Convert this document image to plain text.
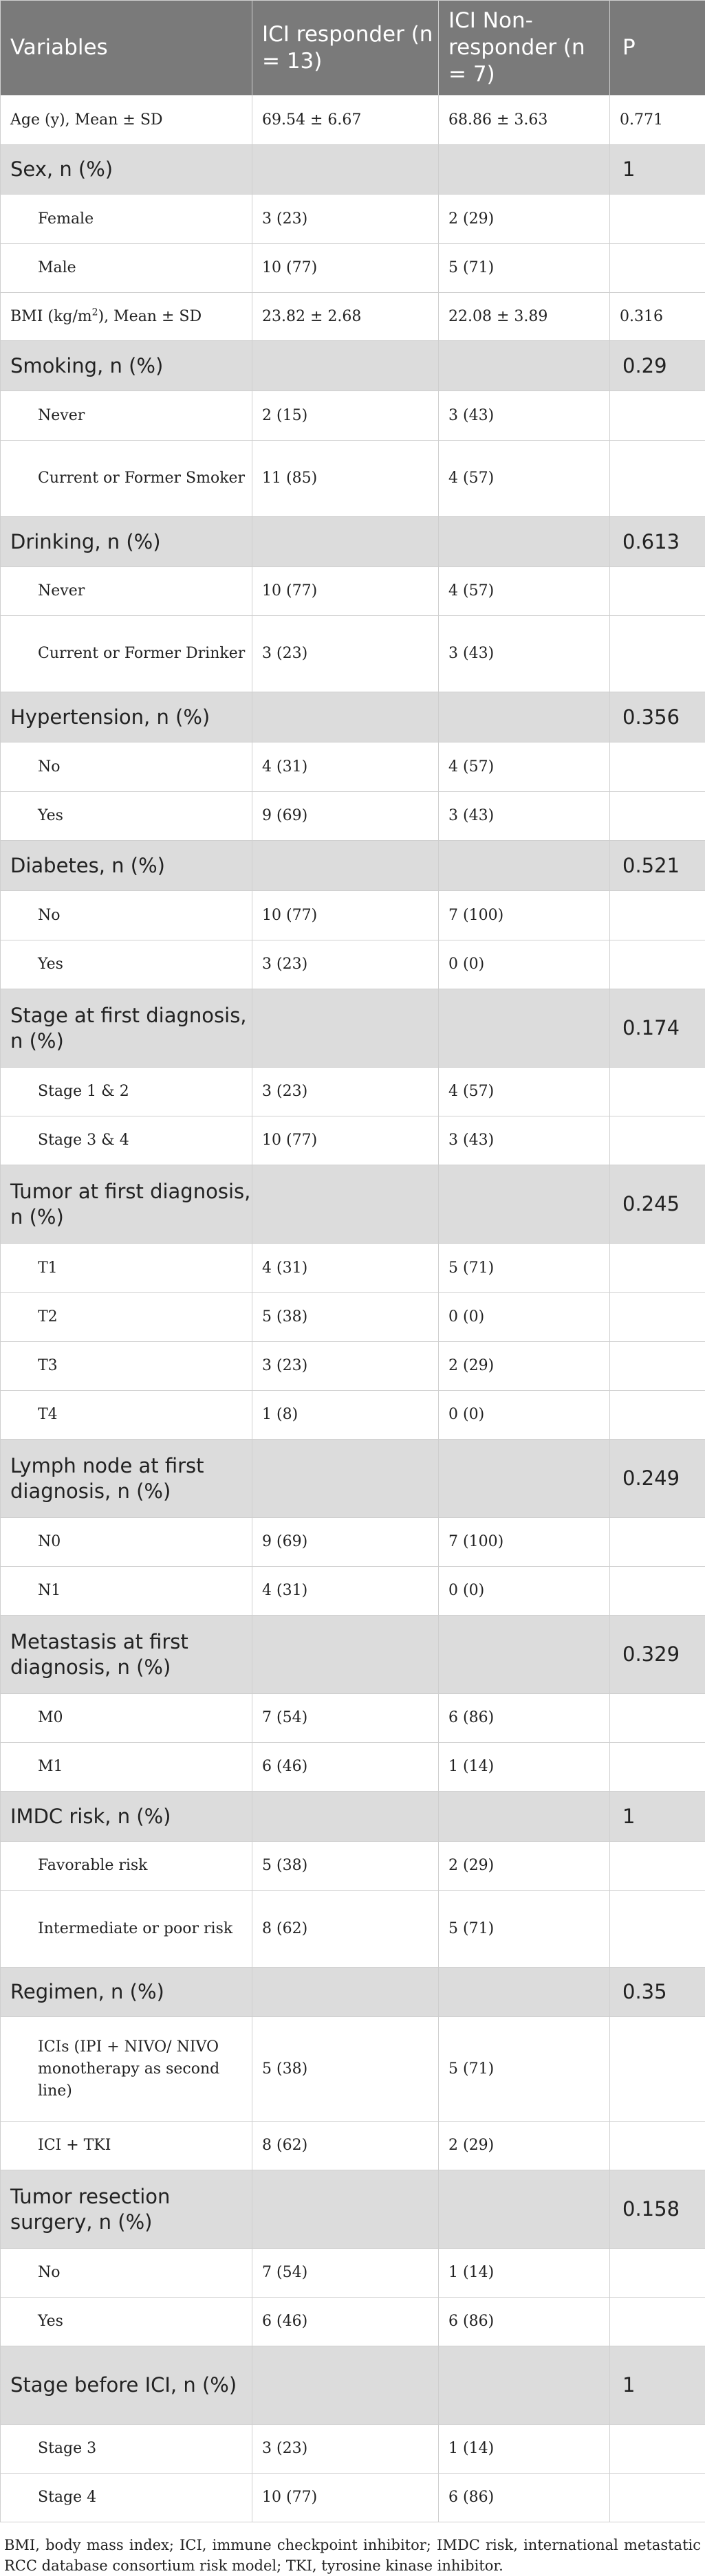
Variables	ICI responder (n = 13)	ICI Non-responder (n = 7)	P
Age (y), Mean ± SD	69.54 ± 6.67	68.86 ± 3.63	0.771
Sex, n (%)			1
Female	3 (23)	2 (29)	
Male	10 (77)	5 (71)	
BMI $(kg/m^2)$, Mean ± SD	23.82 ± 2.68	22.08 ± 3.89	0.316
Smoking, n (%)			0.29
Never	2 (15)	3 (43)	
Current or Former Smoker	11 (85)	4 (57)	
Drinking, n (%)			0.613
Never	10 (77)	4 (57)	
Current or Former Drinker	3 (23)	3 (43)	
Hypertension, n (%)			0.356
No	4 (31)	4 (57)	
Yes	9 (69)	3 (43)	
Diabetes, n (%)			0.521
No	10 (77)	7 (100)	
Yes	3 (23)	0 (0)	
Stage at first diagnosis, n (%)			0.174
Stage 1 & 2	3 (23)	4 (57)	
Stage 3 & 4	10 (77)	3 (43)	
Tumor at first diagnosis, n (%)			0.245
T1	4 (31)	5 (71)	
T2	5 (38)	0 (0)	
T3	3 (23)	2 (29)	
T4	1 (8)	0 (0)	
Lymph node at first diagnosis, n (%)			0.249
N0	9 (69)	7 (100)	
N1	4 (31)	0 (0)	
Metastasis at first diagnosis, n (%)			0.329
M0	7 (54)	6 (86)	
M1	6 (46)	1 (14)	
IMDC risk, n (%)			1
Favorable risk	5 (38)	2 (29)	
Intermediate or poor risk	8 (62)	5 (71)	
Regimen, n (%)			0.35
ICIs (IPI + NIVO/ NIVO monotherapy as second line)	5 (38)	5 (71)	
ICI + TKI	8 (62)	2 (29)	
Tumor resection surgery, n (%)			0.158
No	7 (54)	1 (14)	
Yes	6 (46)	6 (86)	
Stage before ICI, n (%)			1
Stage 3	3 (23)	1 (14)	
Stage 4	10 (77)	6 (86)	
BMI, body mass index; ICI, immune checkpoint inhibitor; IMDC risk, international metastatic RCC database consortium risk model; TKI, tyrosine kinase inhibitor.
